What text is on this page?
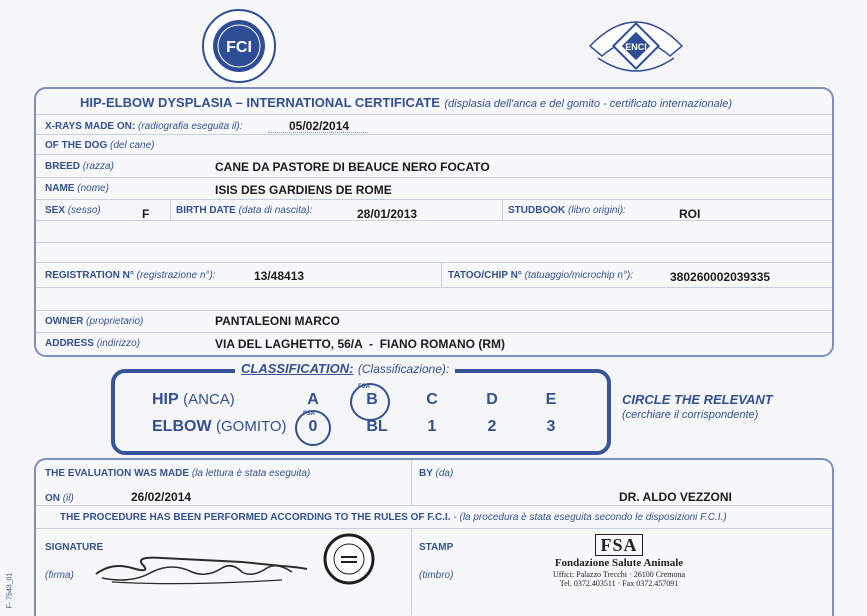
FCI	ENCI
HIP-ELBOW DYSPLASIA – INTERNATIONAL CERTIFICATE (displasia dell'anca e del gomito - certificato internazionale)
X-RAYS MADE ON: (radiografia eseguita il):	05/02/2014
OF THE DOG (del cane)
BREED (razza)	CANE DA PASTORE DI BEAUCE NERO FOCATO
NAME (nome)	ISIS DES GARDIENS DE ROME
SEX (sesso)	F	BIRTH DATE (data di nascita):	28/01/2013	STUDBOOK (libro origini):	ROI
REGISTRATION N° (registrazione n°):	13/48413	TATOO/CHIP N° (tatuaggio/microchip n°):	380260002039335
OWNER (proprietario)	PANTALEONI MARCO
ADDRESS (indirizzo)	VIA DEL LAGHETTO, 56/A  -  FIANO ROMANO (RM)
CLASSIFICATION: (Classificazione):
HIP (ANCA)
ELBOW (GOMITO)
A	B	C	D	E
0	BL	1	2	3
FSA
FSA
CIRCLE THE RELEVANT
(cerchiare il corrispondente)
THE EVALUATION WAS MADE (la lettura è stata eseguita)
ON (il)	26/02/2014
BY (da)
DR. ALDO VEZZONI
THE PROCEDURE HAS BEEN PERFORMED ACCORDING TO THE RULES OF F.C.I. - (la procedura è stata eseguita secondo le disposizioni F.C.I.)
SIGNATURE
(firma)
STAMP
(timbro)
FSA
Fondazione Salute Animale
Uffici: Palazzo Trecchi · 26100 Cremona
Tel. 0372.403511 · Fax 0372.457091
F- 7543_01
